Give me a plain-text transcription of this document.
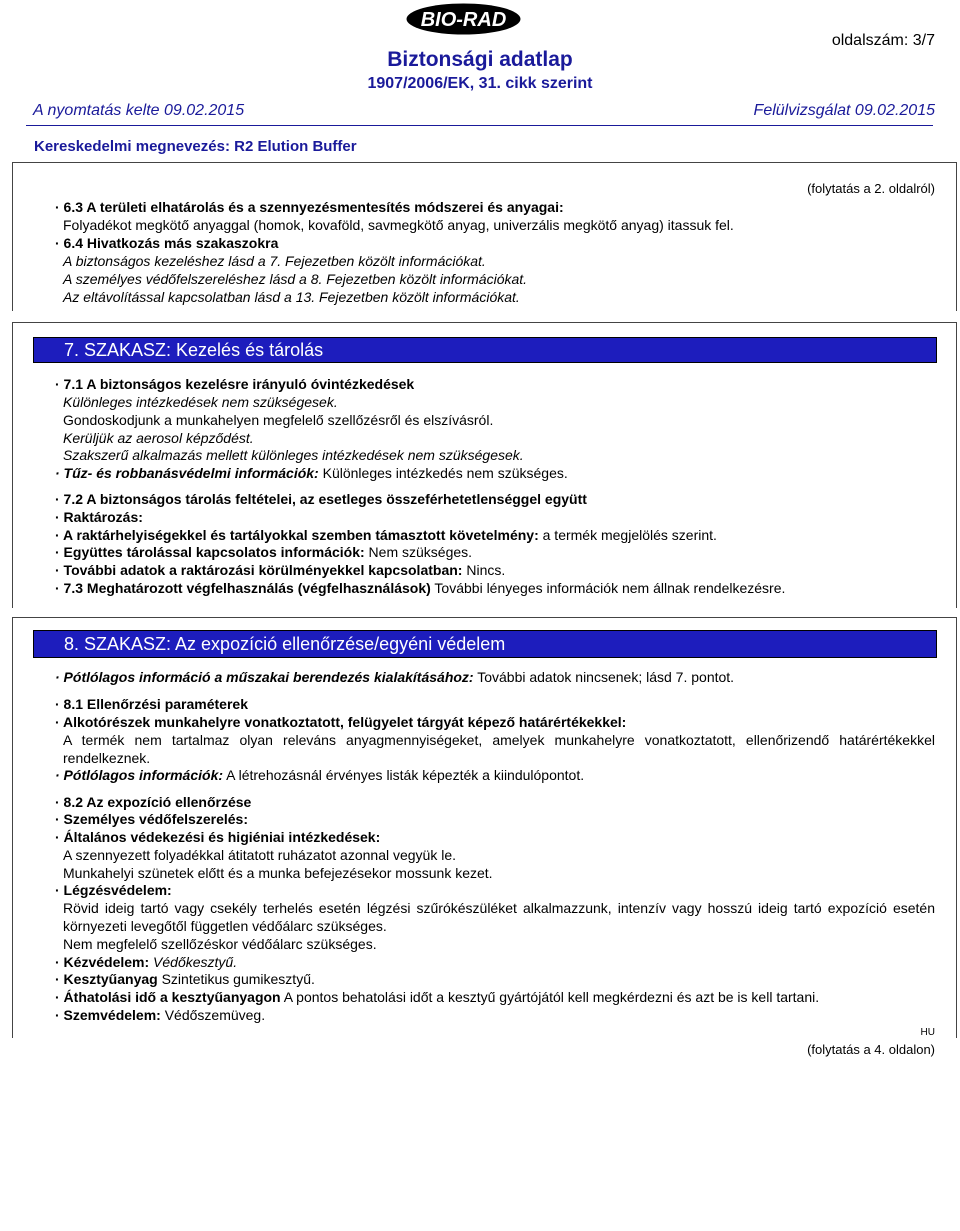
BIO-RAD
oldalszám: 3/7
Biztonsági adatlap
1907/2006/EK, 31. cikk szerint
A nyomtatás kelte 09.02.2015	Felülvizsgálat 09.02.2015
Kereskedelmi megnevezés: R2 Elution Buffer
(folytatás a 2. oldalról)
· 6.3 A területi elhatárolás és a szennyezésmentesítés módszerei és anyagai:
Folyadékot megkötő anyaggal (homok, kovaföld, savmegkötő anyag, univerzális megkötő anyag) itassuk fel.
· 6.4 Hivatkozás más szakaszokra
A biztonságos kezeléshez lásd a 7. Fejezetben közölt információkat.
A személyes védőfelszereléshez lásd a 8. Fejezetben közölt információkat.
Az eltávolítással kapcsolatban lásd a 13. Fejezetben közölt információkat.
7. SZAKASZ: Kezelés és tárolás
· 7.1 A biztonságos kezelésre irányuló óvintézkedések
Különleges intézkedések nem szükségesek.
Gondoskodjunk a munkahelyen megfelelő szellőzésről és elszívásról.
Kerüljük az aerosol képződést.
Szakszerű alkalmazás mellett különleges intézkedések nem szükségesek.
· Tűz- és robbanásvédelmi információk: Különleges intézkedés nem szükséges.
· 7.2 A biztonságos tárolás feltételei, az esetleges összeférhetetlenséggel együtt
· Raktározás:
· A raktárhelyiségekkel és tartályokkal szemben támasztott követelmény: a termék megjelölés szerint.
· Együttes tárolással kapcsolatos információk: Nem szükséges.
· További adatok a raktározási körülményekkel kapcsolatban: Nincs.
· 7.3 Meghatározott végfelhasználás (végfelhasználások) További lényeges információk nem állnak rendelkezésre.
8. SZAKASZ: Az expozíció ellenőrzése/egyéni védelem
· Pótlólagos információ a műszakai berendezés kialakításához: További adatok nincsenek; lásd 7. pontot.
· 8.1 Ellenőrzési paraméterek
· Alkotórészek munkahelyre vonatkoztatott, felügyelet tárgyát képező határértékekkel:
A termék nem tartalmaz olyan releváns anyagmennyiségeket, amelyek munkahelyre vonatkoztatott, ellenőrizendő határértékekkel rendelkeznek.
· Pótlólagos információk: A létrehozásnál érvényes listák képezték a kiindulópontot.
· 8.2 Az expozíció ellenőrzése
· Személyes védőfelszerelés:
· Általános védekezési és higiéniai intézkedések:
A szennyezett folyadékkal átitatott ruházatot azonnal vegyük le.
Munkahelyi szünetek előtt és a munka befejezésekor mossunk kezet.
· Légzésvédelem:
Rövid ideig tartó vagy csekély terhelés esetén légzési szűrókészüléket alkalmazzunk, intenzív vagy hosszú ideig tartó expozíció esetén környezeti levegőtől független védőálarc szükséges.
Nem megfelelő szellőzéskor védőálarc szükséges.
· Kézvédelem: Védőkesztyű.
· Kesztyűanyag Szintetikus gumikesztyű.
· Áthatolási idő a kesztyűanyagon A pontos behatolási időt a kesztyű gyártójától kell megkérdezni és azt be is kell tartani.
· Szemvédelem: Védőszemüveg.
HU
(folytatás a 4. oldalon)
